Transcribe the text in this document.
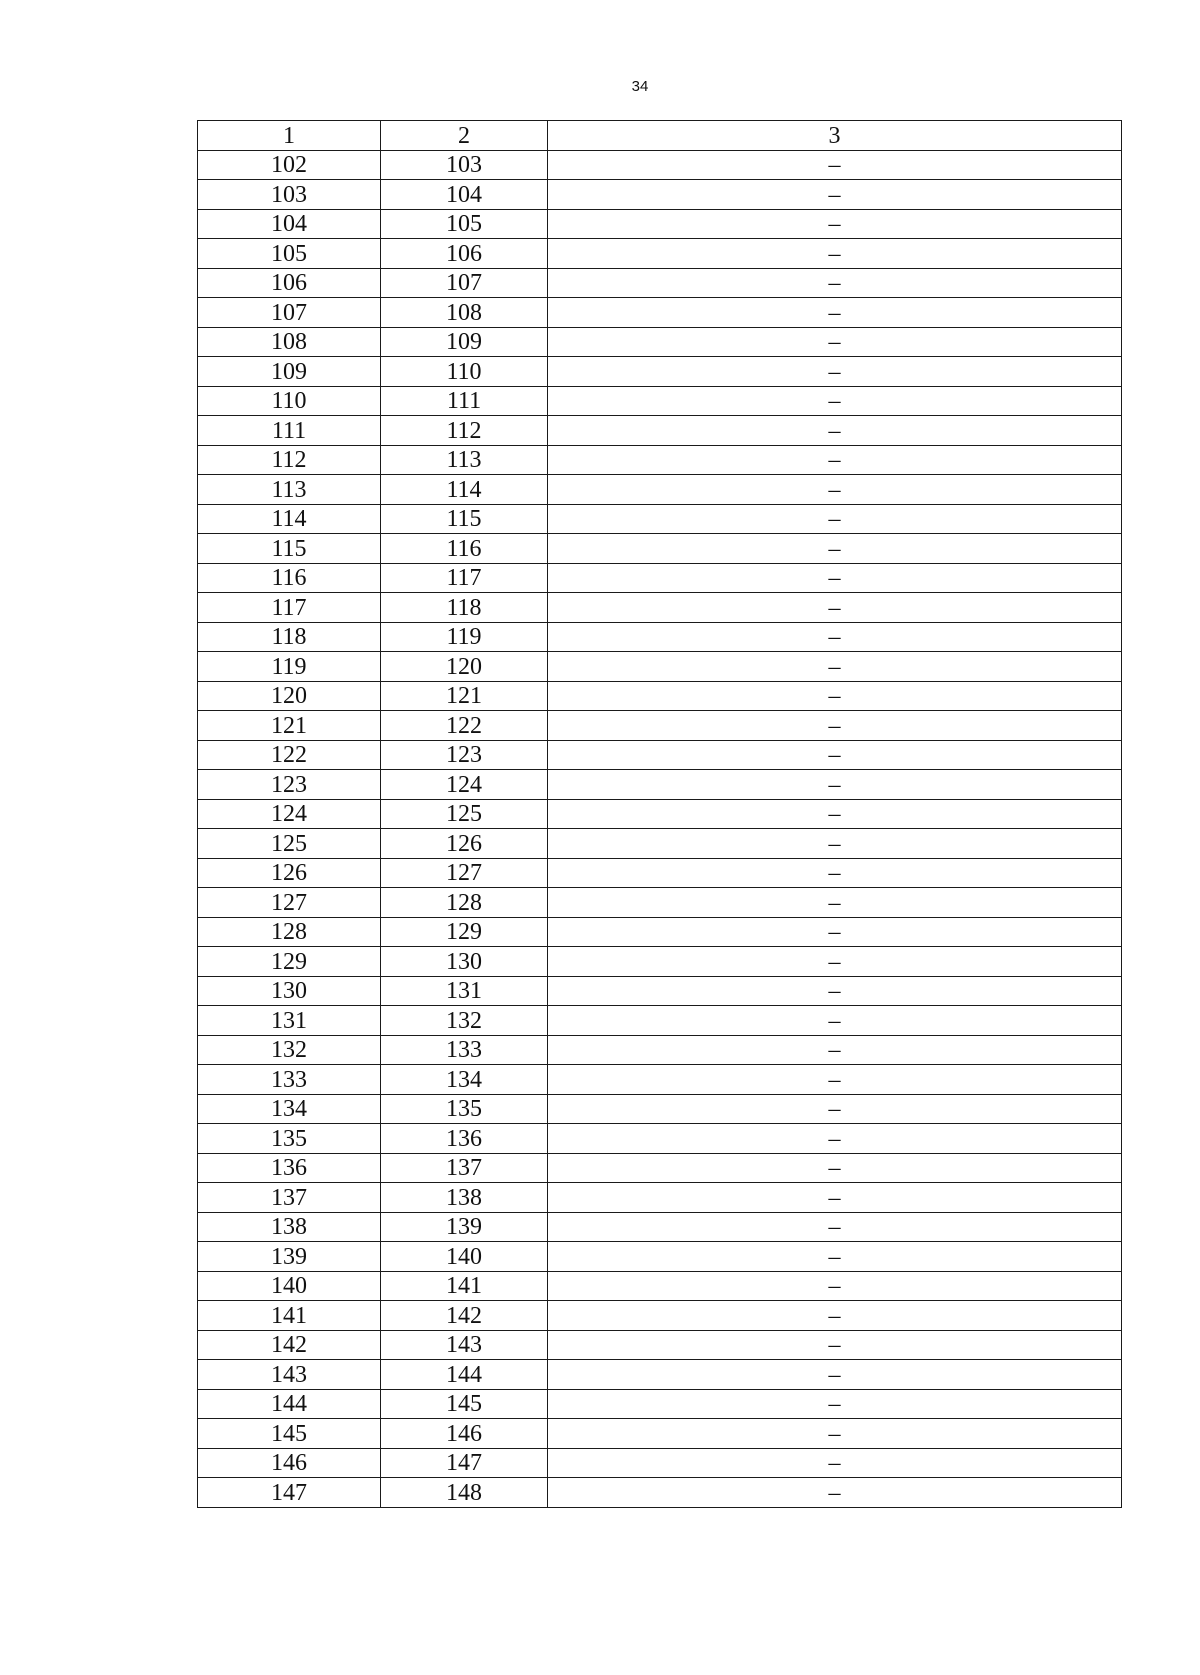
34
1	2	3
102	103	–
103	104	–
104	105	–
105	106	–
106	107	–
107	108	–
108	109	–
109	110	–
110	111	–
111	112	–
112	113	–
113	114	–
114	115	–
115	116	–
116	117	–
117	118	–
118	119	–
119	120	–
120	121	–
121	122	–
122	123	–
123	124	–
124	125	–
125	126	–
126	127	–
127	128	–
128	129	–
129	130	–
130	131	–
131	132	–
132	133	–
133	134	–
134	135	–
135	136	–
136	137	–
137	138	–
138	139	–
139	140	–
140	141	–
141	142	–
142	143	–
143	144	–
144	145	–
145	146	–
146	147	–
147	148	–
